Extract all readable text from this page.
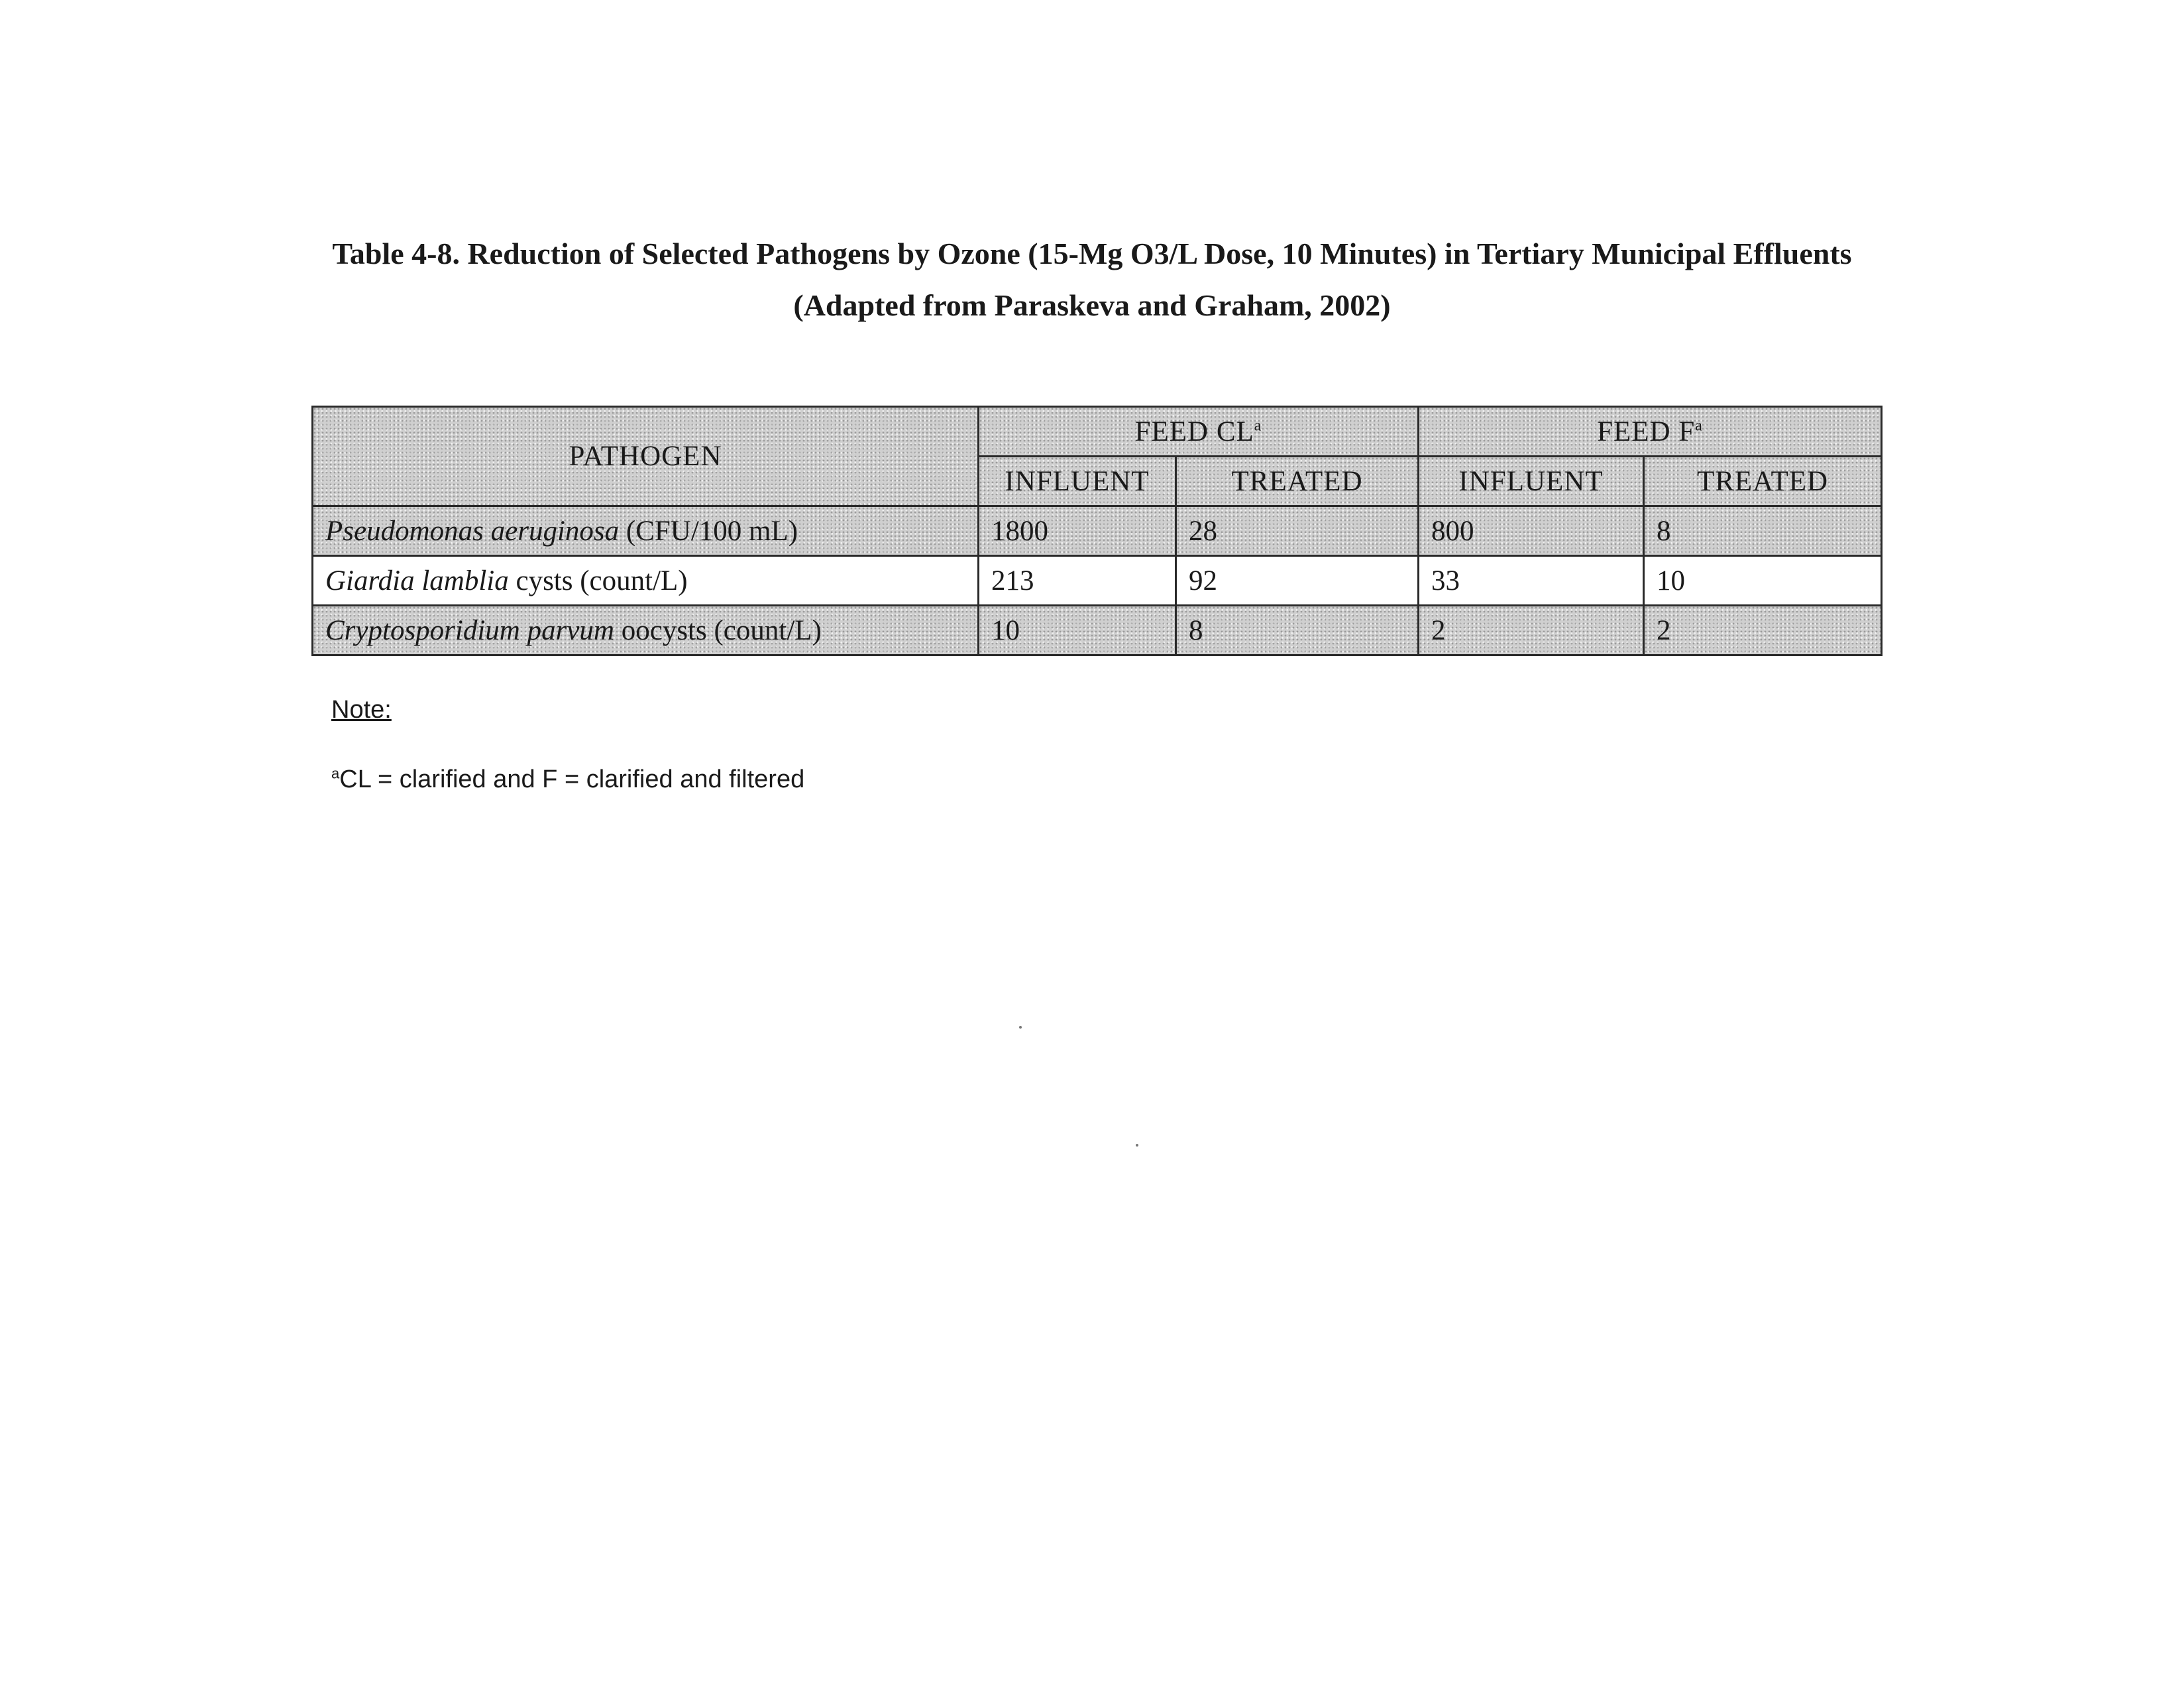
Table 4-8. Reduction of Selected Pathogens by Ozone (15-Mg O3/L Dose, 10 Minutes) in Tertiary Municipal Effluents
(Adapted from Paraskeva and Graham, 2002)
PATHOGEN	FEED CL$^a$		FEED F$^a$
	INFLUENT	TREATED	INFLUENT	TREATED
Pseudomonas aeruginosa (CFU/100 mL)	1800	28	800	8
Giardia lamblia cysts (count/L)	213	92	33	10
Cryptosporidium parvum oocysts (count/L)	10	8	2	2
Note:
$^a$CL = clarified and F = clarified and filtered
